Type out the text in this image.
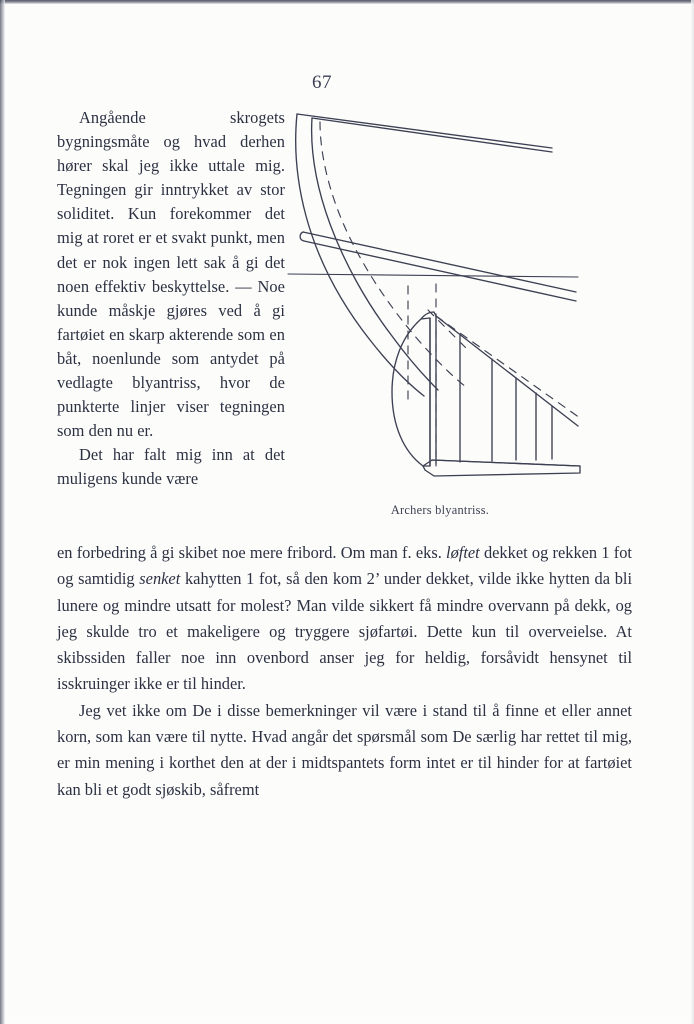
67

Angående skrogets bygningsmåte og hvad derhen hører skal jeg ikke uttale mig. Tegningen gir inntrykket av stor soliditet. Kun forekommer det mig at roret er et svakt punkt, men det er nok ingen lett sak å gi det noen effektiv beskyttelse. — Noe kunde måskje gjøres ved å gi fartøiet en skarp akterende som en båt, noenlunde som antydet på vedlagte blyantriss, hvor de punkterte linjer viser tegningen som den nu er.

Det har falt mig inn at det muligens kunde være

Archers blyantriss.

en forbedring å gi skibet noe mere fribord. Om man f. eks. løftet dekket og rekken 1 fot og samtidig senket kahytten 1 fot, så den kom 2’ under dekket, vilde ikke hytten da bli lunere og mindre utsatt for molest? Man vilde sikkert få mindre overvann på dekk, og jeg skulde tro et makeligere og tryggere sjøfartøi. Dette kun til overveielse. At skibssiden faller noe inn ovenbord anser jeg for heldig, forsåvidt hensynet til isskruinger ikke er til hinder.

Jeg vet ikke om De i disse bemerkninger vil være i stand til å finne et eller annet korn, som kan være til nytte. Hvad angår det spørsmål som De særlig har rettet til mig, er min mening i korthet den at der i midtspantets form intet er til hinder for at fartøiet kan bli et godt sjøskib, såfremt
